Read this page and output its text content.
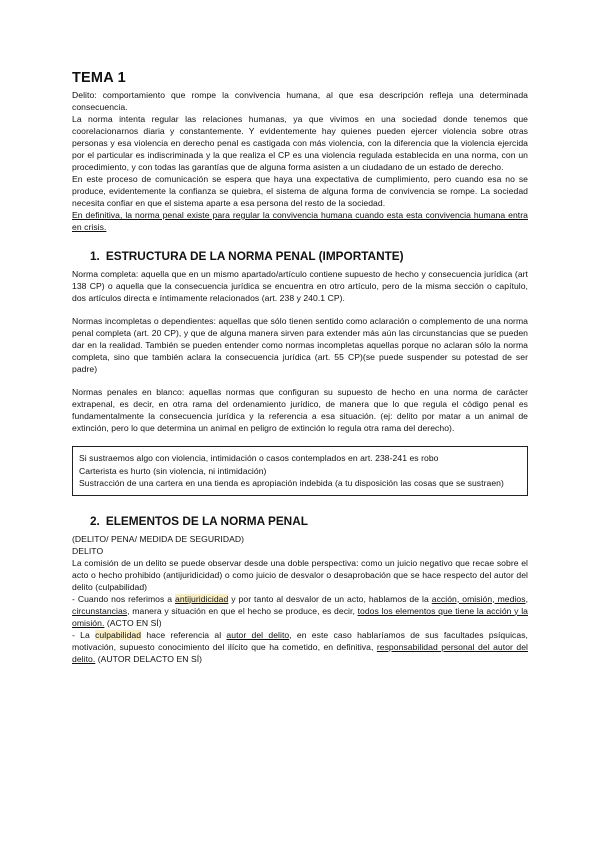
TEMA 1

Delito: comportamiento que rompe la convivencia humana, al que esa descripción refleja una determinada consecuencia.

La norma intenta regular las relaciones humanas, ya que vivimos en una sociedad donde tenemos que coorelacionarnos diaria y constantemente. Y evidentemente hay quienes pueden ejercer violencia sobre otras personas y esa violencia en derecho penal es castigada con más violencia, con la diferencia que la violencia ejercida por el particular es indiscriminada y la que realiza el CP es una violencia regulada establecida en una norma, con un procedimiento, y con todas las garantías que de alguna forma asisten a un ciudadano de un estado de derecho.

En este proceso de comunicación se espera que haya una expectativa de cumplimiento, pero cuando esa no se produce, evidentemente la confianza se quiebra, el sistema de alguna forma de convivencia se rompe. La sociedad necesita confiar en que el sistema aparte a esa persona del resto de la sociedad.

En definitiva, la norma penal existe para regular la convivencia humana cuando esta esta convivencia humana entra en crisis.

1. ESTRUCTURA DE LA NORMA PENAL (IMPORTANTE)

Norma completa: aquella que en un mismo apartado/artículo contiene supuesto de hecho y consecuencia jurídica (art 138 CP) o aquella que la consecuencia jurídica se encuentra en otro artículo, pero de la misma sección o capítulo, dos artículos directa e íntimamente relacionados (art. 238 y 240.1 CP).

Normas incompletas o dependientes: aquellas que sólo tienen sentido como aclaración o complemento de una norma penal completa (art. 20 CP), y que de alguna manera sirven para extender más aún las circunstancias que se pueden dar en la realidad. También se pueden entender como normas incompletas aquellas porque no aclaran sólo la norma completa, sino que también aclara la consecuencia jurídica (art. 55 CP)(se puede suspender su potestad de ser padre)

Normas penales en blanco: aquellas normas que configuran su supuesto de hecho en una norma de carácter extrapenal, es decir, en otra rama del ordenamiento jurídico, de manera que lo que regula el código penal es fundamentalmente la consecuencia jurídica y la referencia a esa situación. (ej: delito por matar a un animal de extinción, pero lo que determina un animal en peligro de extinción lo regula otra rama del derecho).

Si sustraemos algo con violencia, intimidación o casos contemplados en art. 238-241 es robo

Carterista es hurto (sin violencia, ni intimidación)

Sustracción de una cartera en una tienda es apropiación indebida (a tu disposición las cosas que se sustraen)

2. ELEMENTOS DE LA NORMA PENAL

(DELITO/ PENA/ MEDIDA DE SEGURIDAD)

DELITO

La comisión de un delito se puede observar desde una doble perspectiva: como un juicio negativo que recae sobre el acto o hecho prohibido (antijuridicidad) o como juicio de desvalor o desaprobación que se hace respecto del autor del delito (culpabilidad)

- Cuando nos referimos a antijuridicidad y por tanto al desvalor de un acto, hablamos de la acción, omisión, medios, circunstancias, manera y situación en que el hecho se produce, es decir, todos los elementos que tiene la acción y la omisión. (ACTO EN SÍ)

- La culpabilidad hace referencia al autor del delito, en este caso hablaríamos de sus facultades psíquicas, motivación, supuesto conocimiento del ilícito que ha cometido, en definitiva, responsabilidad personal del autor del delito. (AUTOR DELACTO EN SÍ)
